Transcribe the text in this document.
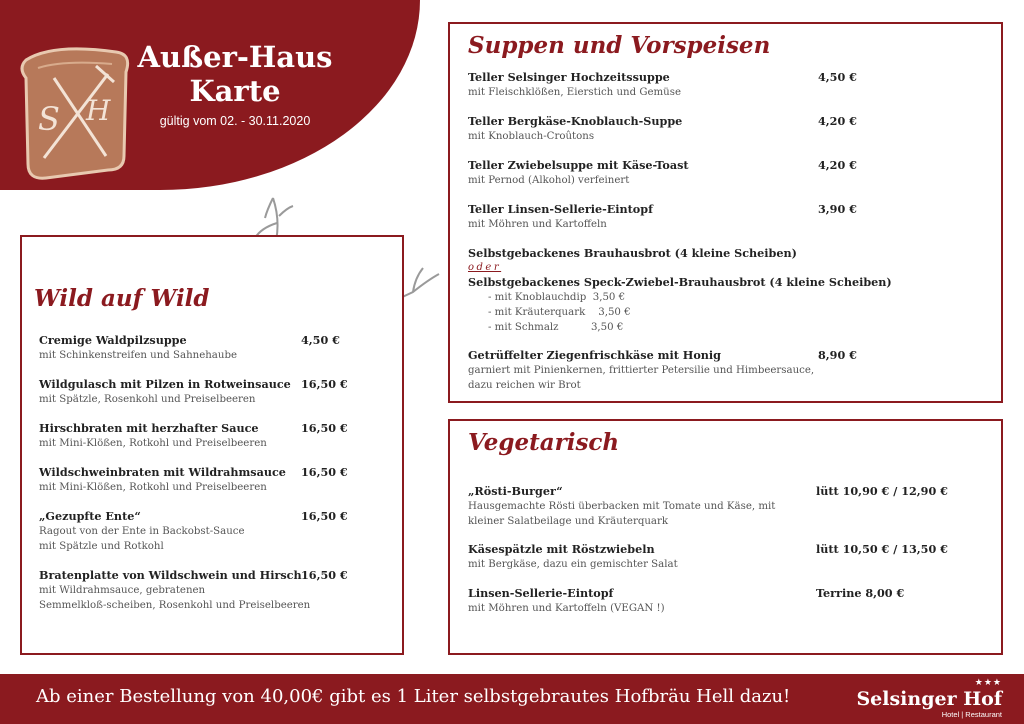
S H
Außer-Haus
Karte
gültig vom 02. - 30.11.2020
Wild auf Wild
Cremige Waldpilzsuppe
mit Schinkenstreifen und Sahnehaube
4,50 €
Wildgulasch mit Pilzen in Rotweinsauce
mit Spätzle, Rosenkohl und Preiselbeeren
16,50 €
Hirschbraten mit herzhafter Sauce
mit Mini-Klößen, Rotkohl und Preiselbeeren
16,50 €
Wildschweinbraten mit Wildrahmsauce
mit Mini-Klößen, Rotkohl und Preiselbeeren
16,50 €
„Gezupfte Ente“
Ragout von der Ente in Backobst-Sauce
mit Spätzle und Rotkohl
16,50 €
Bratenplatte von Wildschwein und Hirsch
mit Wildrahmsauce, gebratenen
Semmelkloß-scheiben, Rosenkohl und Preiselbeeren
16,50 €
Suppen und Vorspeisen
Teller Selsinger Hochzeitssuppe
mit Fleischklößen, Eierstich und Gemüse
4,50 €
Teller Bergkäse-Knoblauch-Suppe
mit Knoblauch-Croûtons
4,20 €
Teller Zwiebelsuppe mit Käse-Toast
mit Pernod (Alkohol) verfeinert
4,20 €
Teller Linsen-Sellerie-Eintopf
mit Möhren und Kartoffeln
3,90 €
Selbstgebackenes Brauhausbrot (4 kleine Scheiben)
oder
Selbstgebackenes Speck-Zwiebel-Brauhausbrot (4 kleine Scheiben)
- mit Knoblauchdip 3,50 €
- mit Kräuterquark 3,50 €
- mit Schmalz	3,50 €
Getrüffelter Ziegenfrischkäse mit Honig
garniert mit Pinienkernen, frittierter Petersilie und Himbeersauce,
dazu reichen wir Brot
8,90 €
Vegetarisch
„Rösti-Burger“
Hausgemachte Rösti überbacken mit Tomate und Käse, mit
kleiner Salatbeilage und Kräuterquark
lütt 10,90 € / 12,90 €
Käsespätzle mit Röstzwiebeln
mit Bergkäse, dazu ein gemischter Salat
lütt 10,50 € / 13,50 €
Linsen-Sellerie-Eintopf
mit Möhren und Kartoffeln (VEGAN !)
Terrine 8,00 €
Ab einer Bestellung von 40,00€ gibt es 1 Liter selbstgebrautes Hofbräu Hell dazu!
★★★
Selsinger Hof
Hotel | Restaurant
